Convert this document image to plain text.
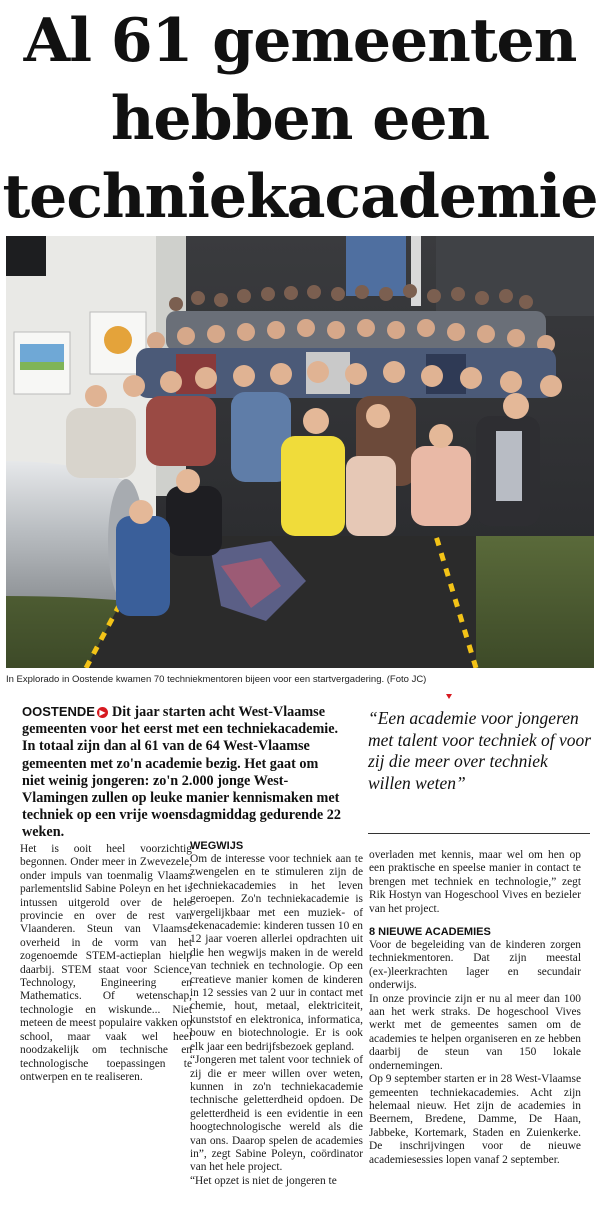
Al 61 gemeenten
hebben een
techniekacademie
In Explorado in Oostende kwamen 70 techniekmentoren bijeen voor een startvergadering. (Foto JC)
OOSTENDE ▶ Dit jaar starten acht West-Vlaamse gemeenten voor het eerst met een techniekacademie. In totaal zijn dan al 61 van de 64 West-Vlaamse gemeenten met zo'n academie bezig. Het gaat om niet weinig jongeren: zo'n 2.000 jonge West-Vlamingen zullen op leuke manier kennismaken met techniek op een vrije woensdagmiddag gedurende 22 weken.
“Een academie voor jongeren met talent voor techniek of voor zij die meer over techniek willen weten”

Het is ooit heel voorzichtig begonnen. Onder meer in Zwevezele, onder impuls van toenmalig Vlaams parlementslid Sabine Poleyn en het is intussen uitgerold over de hele provincie en over de rest van Vlaanderen. Steun van Vlaamse overheid in de vorm van het zogenoemde STEM-actieplan hielp daarbij. STEM staat voor Science, Technology, Engineering en Mathematics. Of wetenschap, technologie en wiskunde... Niet meteen de meest populaire vakken op school, maar vaak wel heel noodzakelijk om technische en technologische toepassingen te ontwerpen en te realiseren.

WEGWIJS

Om de interesse voor techniek aan te zwengelen en te stimuleren zijn de techniekacademies in het leven geroepen. Zo'n techniekacademie is vergelijkbaar met een muziek- of tekenacademie: kinderen tussen 10 en 12 jaar voeren allerlei opdrachten uit die hen wegwijs maken in de wereld van techniek en technologie. Op een creatieve manier komen de kinderen in 12 sessies van 2 uur in contact met chemie, hout, metaal, elektriciteit, kunststof en elektronica, informatica, bouw en biotechnologie. Er is ook elk jaar een bedrijfsbezoek gepland.

“Jongeren met talent voor techniek of zij die er meer willen over weten, kunnen in zo'n techniekacademie technische geletterdheid opdoen. De geletterdheid is een evidentie in een hoogtechnologische wereld als die van ons. Daarop spelen de academies in”, zegt Sabine Poleyn, coördinator van het hele project.

“Het opzet is niet de jongeren te

overladen met kennis, maar wel om hen op een praktische en speelse manier in contact te brengen met techniek en technologie,” zegt Rik Hostyn van Hogeschool Vives en bezieler van het project.

8 NIEUWE ACADEMIES

Voor de begeleiding van de kinderen zorgen techniekmentoren. Dat zijn meestal (ex-)leerkrachten lager en secundair onderwijs.

In onze provincie zijn er nu al meer dan 100 aan het werk straks. De hogeschool Vives werkt met de gemeentes samen om de academies te helpen organiseren en ze hebben daarbij de steun van 150 lokale ondernemingen.

Op 9 september starten er in 28 West-Vlaamse gemeenten techniekacademies. Acht zijn helemaal nieuw. Het zijn de academies in Beernem, Bredene, Damme, De Haan, Jabbeke, Kortemark, Staden en Zuienkerke. De inschrijvingen voor de nieuwe academiesessies lopen vanaf 2 september.
